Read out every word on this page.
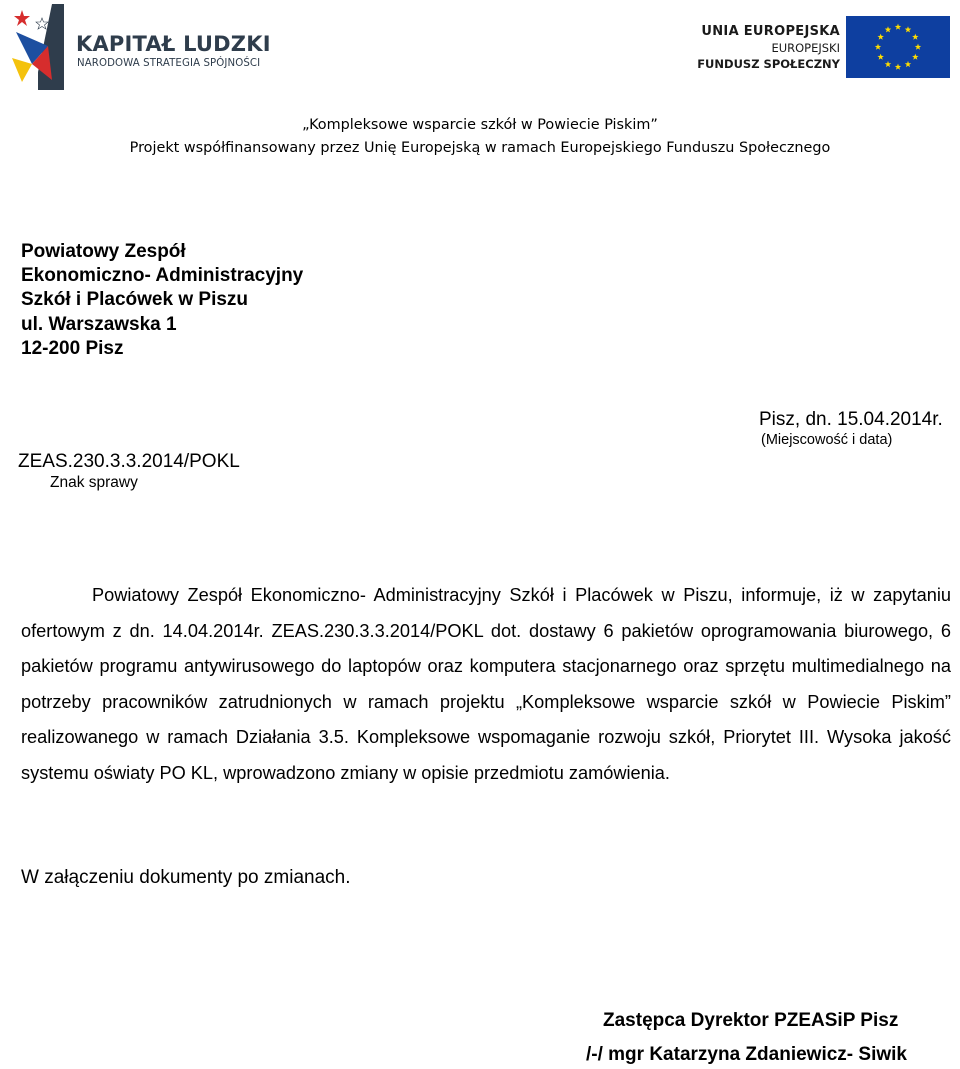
KAPITAŁ LUDZKI
NARODOWA STRATEGIA SPÓJNOŚCI
UNIA EUROPEJSKA
EUROPEJSKI
FUNDUSZ SPOŁECZNY
„Kompleksowe wsparcie szkół w Powiecie Piskim”
Projekt współfinansowany przez Unię Europejską w ramach Europejskiego Funduszu Społecznego
Powiatowy Zespół
Ekonomiczno- Administracyjny
Szkół i Placówek w Piszu
ul. Warszawska 1
12-200 Pisz
Pisz, dn. 15.04.2014r.
(Miejscowość i data)
ZEAS.230.3.3.2014/POKL
Znak sprawy
Powiatowy Zespół Ekonomiczno- Administracyjny Szkół i Placówek w Piszu, informuje, iż w zapytaniu ofertowym z dn. 14.04.2014r. ZEAS.230.3.3.2014/POKL dot. dostawy 6 pakietów oprogramowania biurowego, 6 pakietów programu antywirusowego do laptopów oraz komputera stacjonarnego oraz sprzętu multimedialnego na potrzeby pracowników zatrudnionych w ramach projektu „Kompleksowe wsparcie szkół w Powiecie Piskim” realizowanego w ramach Działania 3.5. Kompleksowe wspomaganie rozwoju szkół, Priorytet III. Wysoka jakość systemu oświaty PO KL, wprowadzono zmiany w opisie przedmiotu zamówienia.
W załączeniu dokumenty po zmianach.
Zastępca Dyrektor PZEASiP Pisz
/-/ mgr Katarzyna Zdaniewicz- Siwik
